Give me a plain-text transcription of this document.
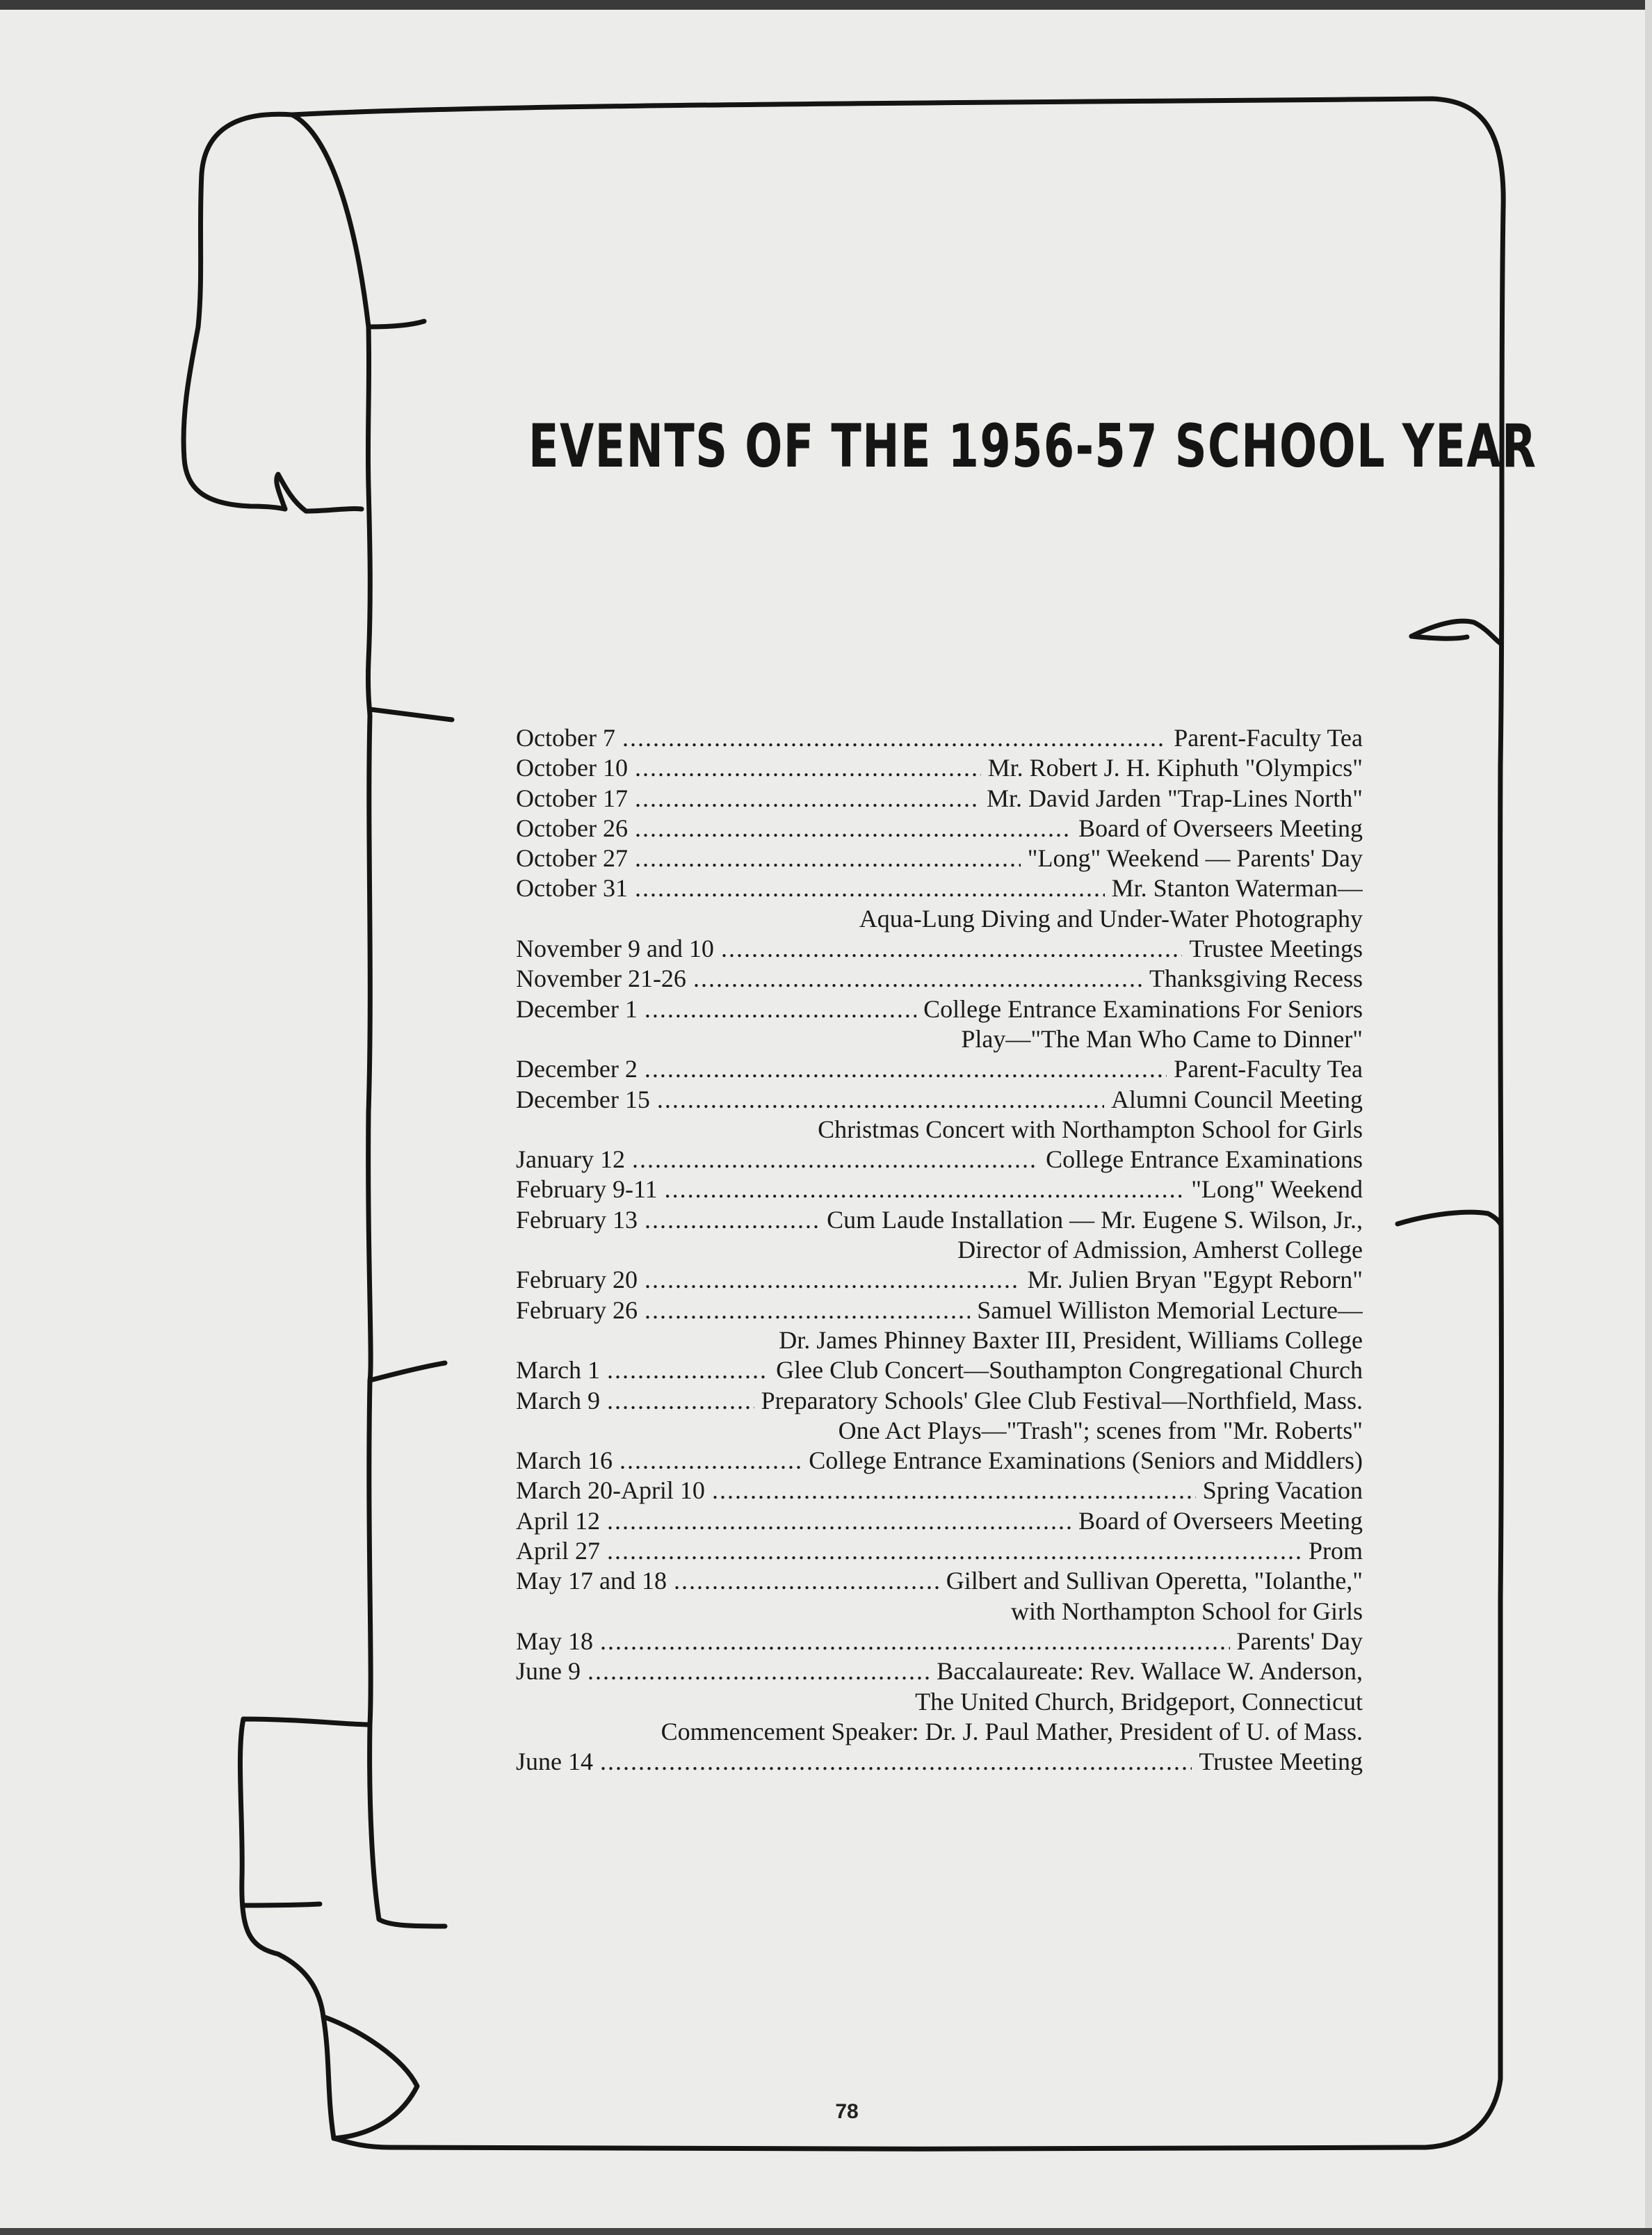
EVENTS OF THE 1956-57 SCHOOL YEAR
October 7 .....	Parent-Faculty Tea
October 10 .....	Mr. Robert J. H. Kiphuth "Olympics"
October 17 .....	Mr. David Jarden "Trap-Lines North"
October 26 .....	Board of Overseers Meeting
October 27 .....	"Long" Weekend — Parents' Day
October 31 .....	Mr. Stanton Waterman—
Aqua-Lung Diving and Under-Water Photography
November 9 and 10 .....	Trustee Meetings
November 21-26 .....	Thanksgiving Recess
December 1 .....	College Entrance Examinations For Seniors
Play—"The Man Who Came to Dinner"
December 2 .....	Parent-Faculty Tea
December 15 .....	Alumni Council Meeting
Christmas Concert with Northampton School for Girls
January 12 .....	College Entrance Examinations
February 9-11 .....	"Long" Weekend
February 13 .....	Cum Laude Installation — Mr. Eugene S. Wilson, Jr.,
Director of Admission, Amherst College
February 20 .....	Mr. Julien Bryan "Egypt Reborn"
February 26 .....	Samuel Williston Memorial Lecture—
Dr. James Phinney Baxter III, President, Williams College
March 1 .....	Glee Club Concert—Southampton Congregational Church
March 9 .....	Preparatory Schools' Glee Club Festival—Northfield, Mass.
One Act Plays—"Trash"; scenes from "Mr. Roberts"
March 16 .....	College Entrance Examinations (Seniors and Middlers)
March 20-April 10 .....	Spring Vacation
April 12 .....	Board of Overseers Meeting
April 27 .....	Prom
May 17 and 18 .....	Gilbert and Sullivan Operetta, "Iolanthe,"
with Northampton School for Girls
May 18 .....	Parents' Day
June 9 .....	Baccalaureate: Rev. Wallace W. Anderson,
The United Church, Bridgeport, Connecticut
Commencement Speaker: Dr. J. Paul Mather, President of U. of Mass.
June 14 .....	Trustee Meeting
78
